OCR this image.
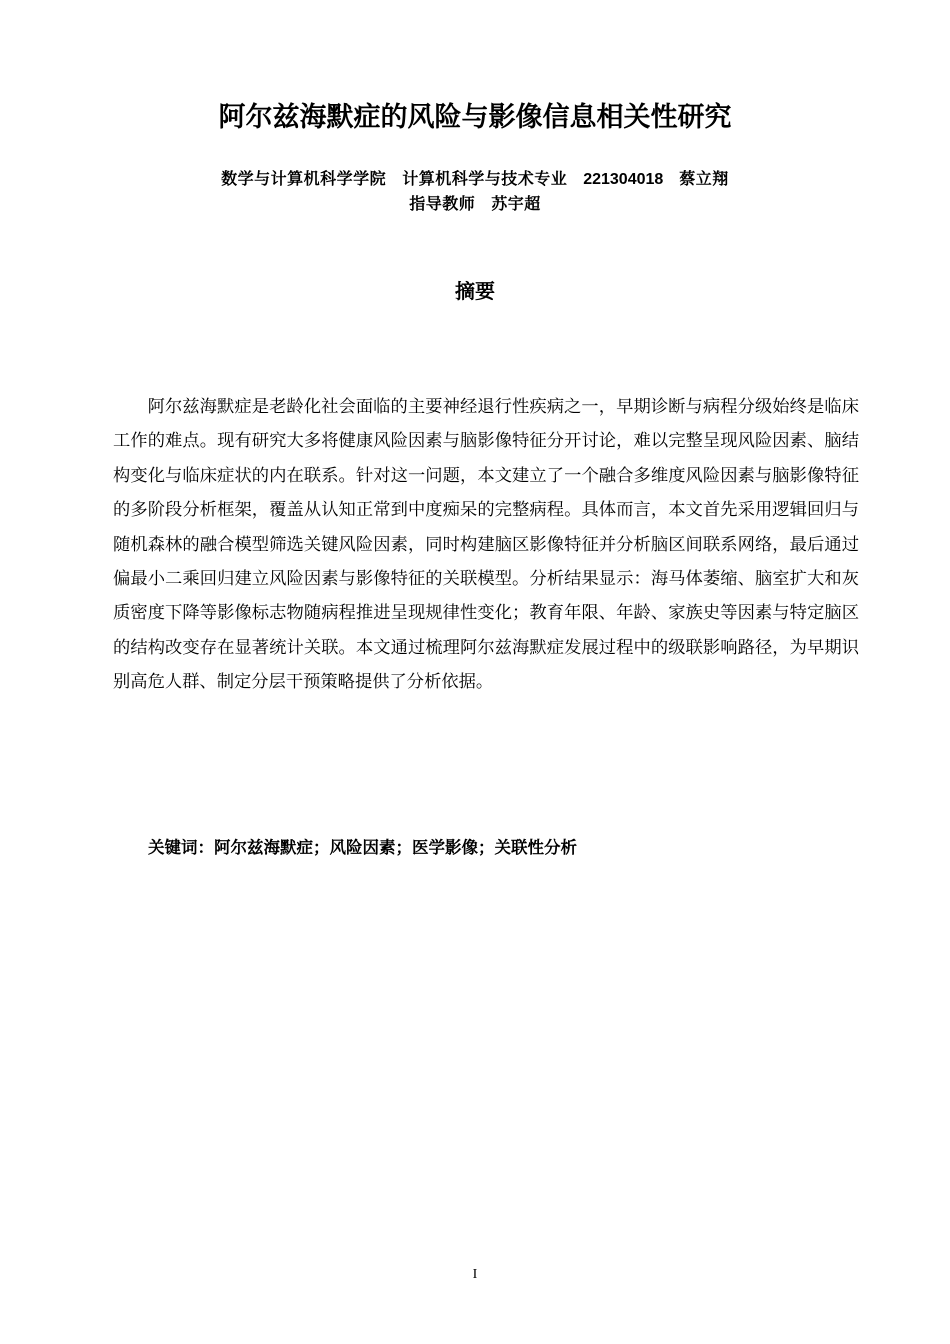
阿尔兹海默症的风险与影像信息相关性研究
数学与计算机科学学院 计算机科学与技术专业 221304018 蔡立翔
指导教师 苏宇超
摘要

阿尔兹海默症是老龄化社会面临的主要神经退行性疾病之一，早期诊断与病程分级始终是临床工作的难点。现有研究大多将健康风险因素与脑影像特征分开讨论，难以完整呈现风险因素、脑结构变化与临床症状的内在联系。针对这一问题，本文建立了一个融合多维度风险因素与脑影像特征的多阶段分析框架，覆盖从认知正常到中度痴呆的完整病程。具体而言，本文首先采用逻辑回归与随机森林的融合模型筛选关键风险因素，同时构建脑区影像特征并分析脑区间联系网络，最后通过偏最小二乘回归建立风险因素与影像特征的关联模型。分析结果显示：海马体萎缩、脑室扩大和灰质密度下降等影像标志物随病程推进呈现规律性变化；教育年限、年龄、家族史等因素与特定脑区的结构改变存在显著统计关联。本文通过梳理阿尔兹海默症发展过程中的级联影响路径，为早期识别高危人群、制定分层干预策略提供了分析依据。

关键词：阿尔兹海默症；风险因素；医学影像；关联性分析
I
